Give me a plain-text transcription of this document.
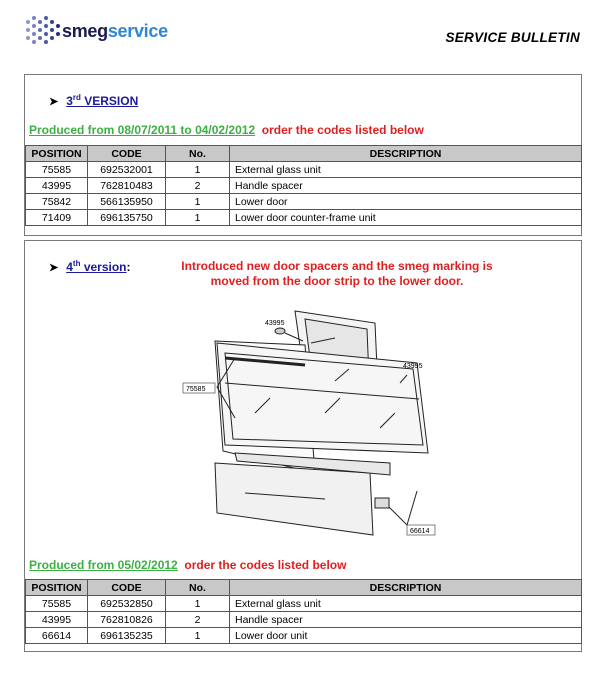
smegservice	SERVICE BULLETIN
➤ 3rd VERSION
Produced from 08/07/2011 to 04/02/2012 order the codes listed below
POSITION	CODE	No.	DESCRIPTION
75585	692532001	1	External glass unit
43995	762810483	2	Handle spacer
75842	566135950	1	Lower door
71409	696135750	1	Lower door counter-frame unit
➤ 4th version:	Introduced new door spacers and the smeg marking is
moved from the door strip to the lower door.
43995
43995
75585
66614
Produced from 05/02/2012 order the codes listed below
POSITION	CODE	No.	DESCRIPTION
75585	692532850	1	External glass unit
43995	762810826	2	Handle spacer
66614	696135235	1	Lower door unit
